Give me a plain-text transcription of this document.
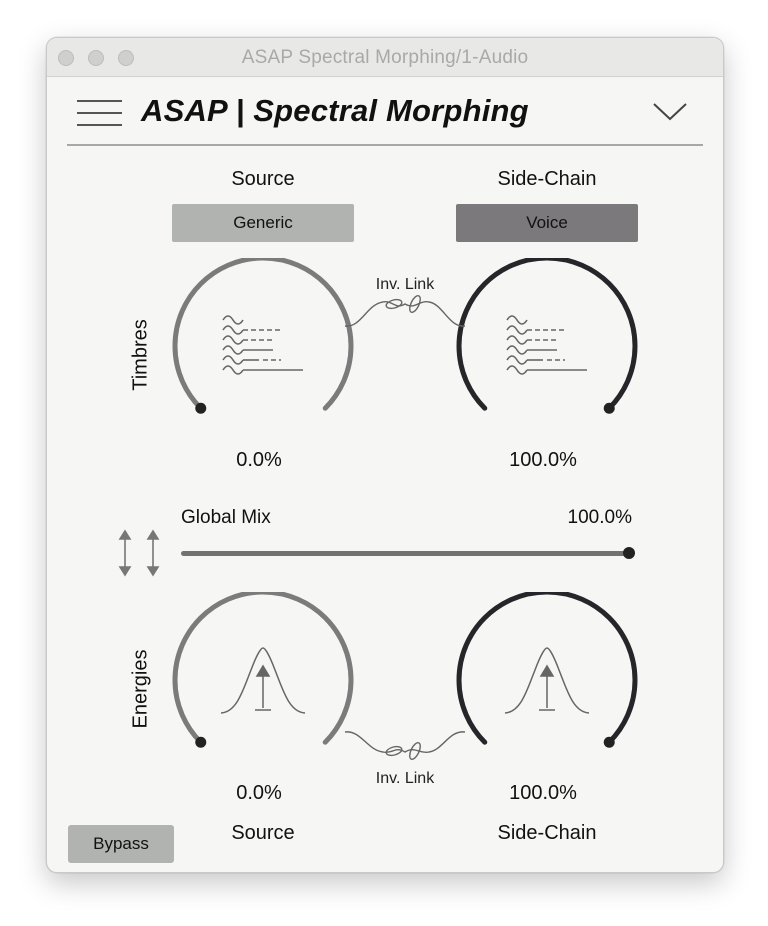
ASAP Spectral Morphing/1-Audio
ASAP | Spectral Morphing
Source	Side-Chain
Generic	Voice
Timbres
Inv. Link
0.0%	100.0%
Global Mix	100.0%
Energies
Inv. Link
0.0%	100.0%
Source	Side-Chain
Bypass
